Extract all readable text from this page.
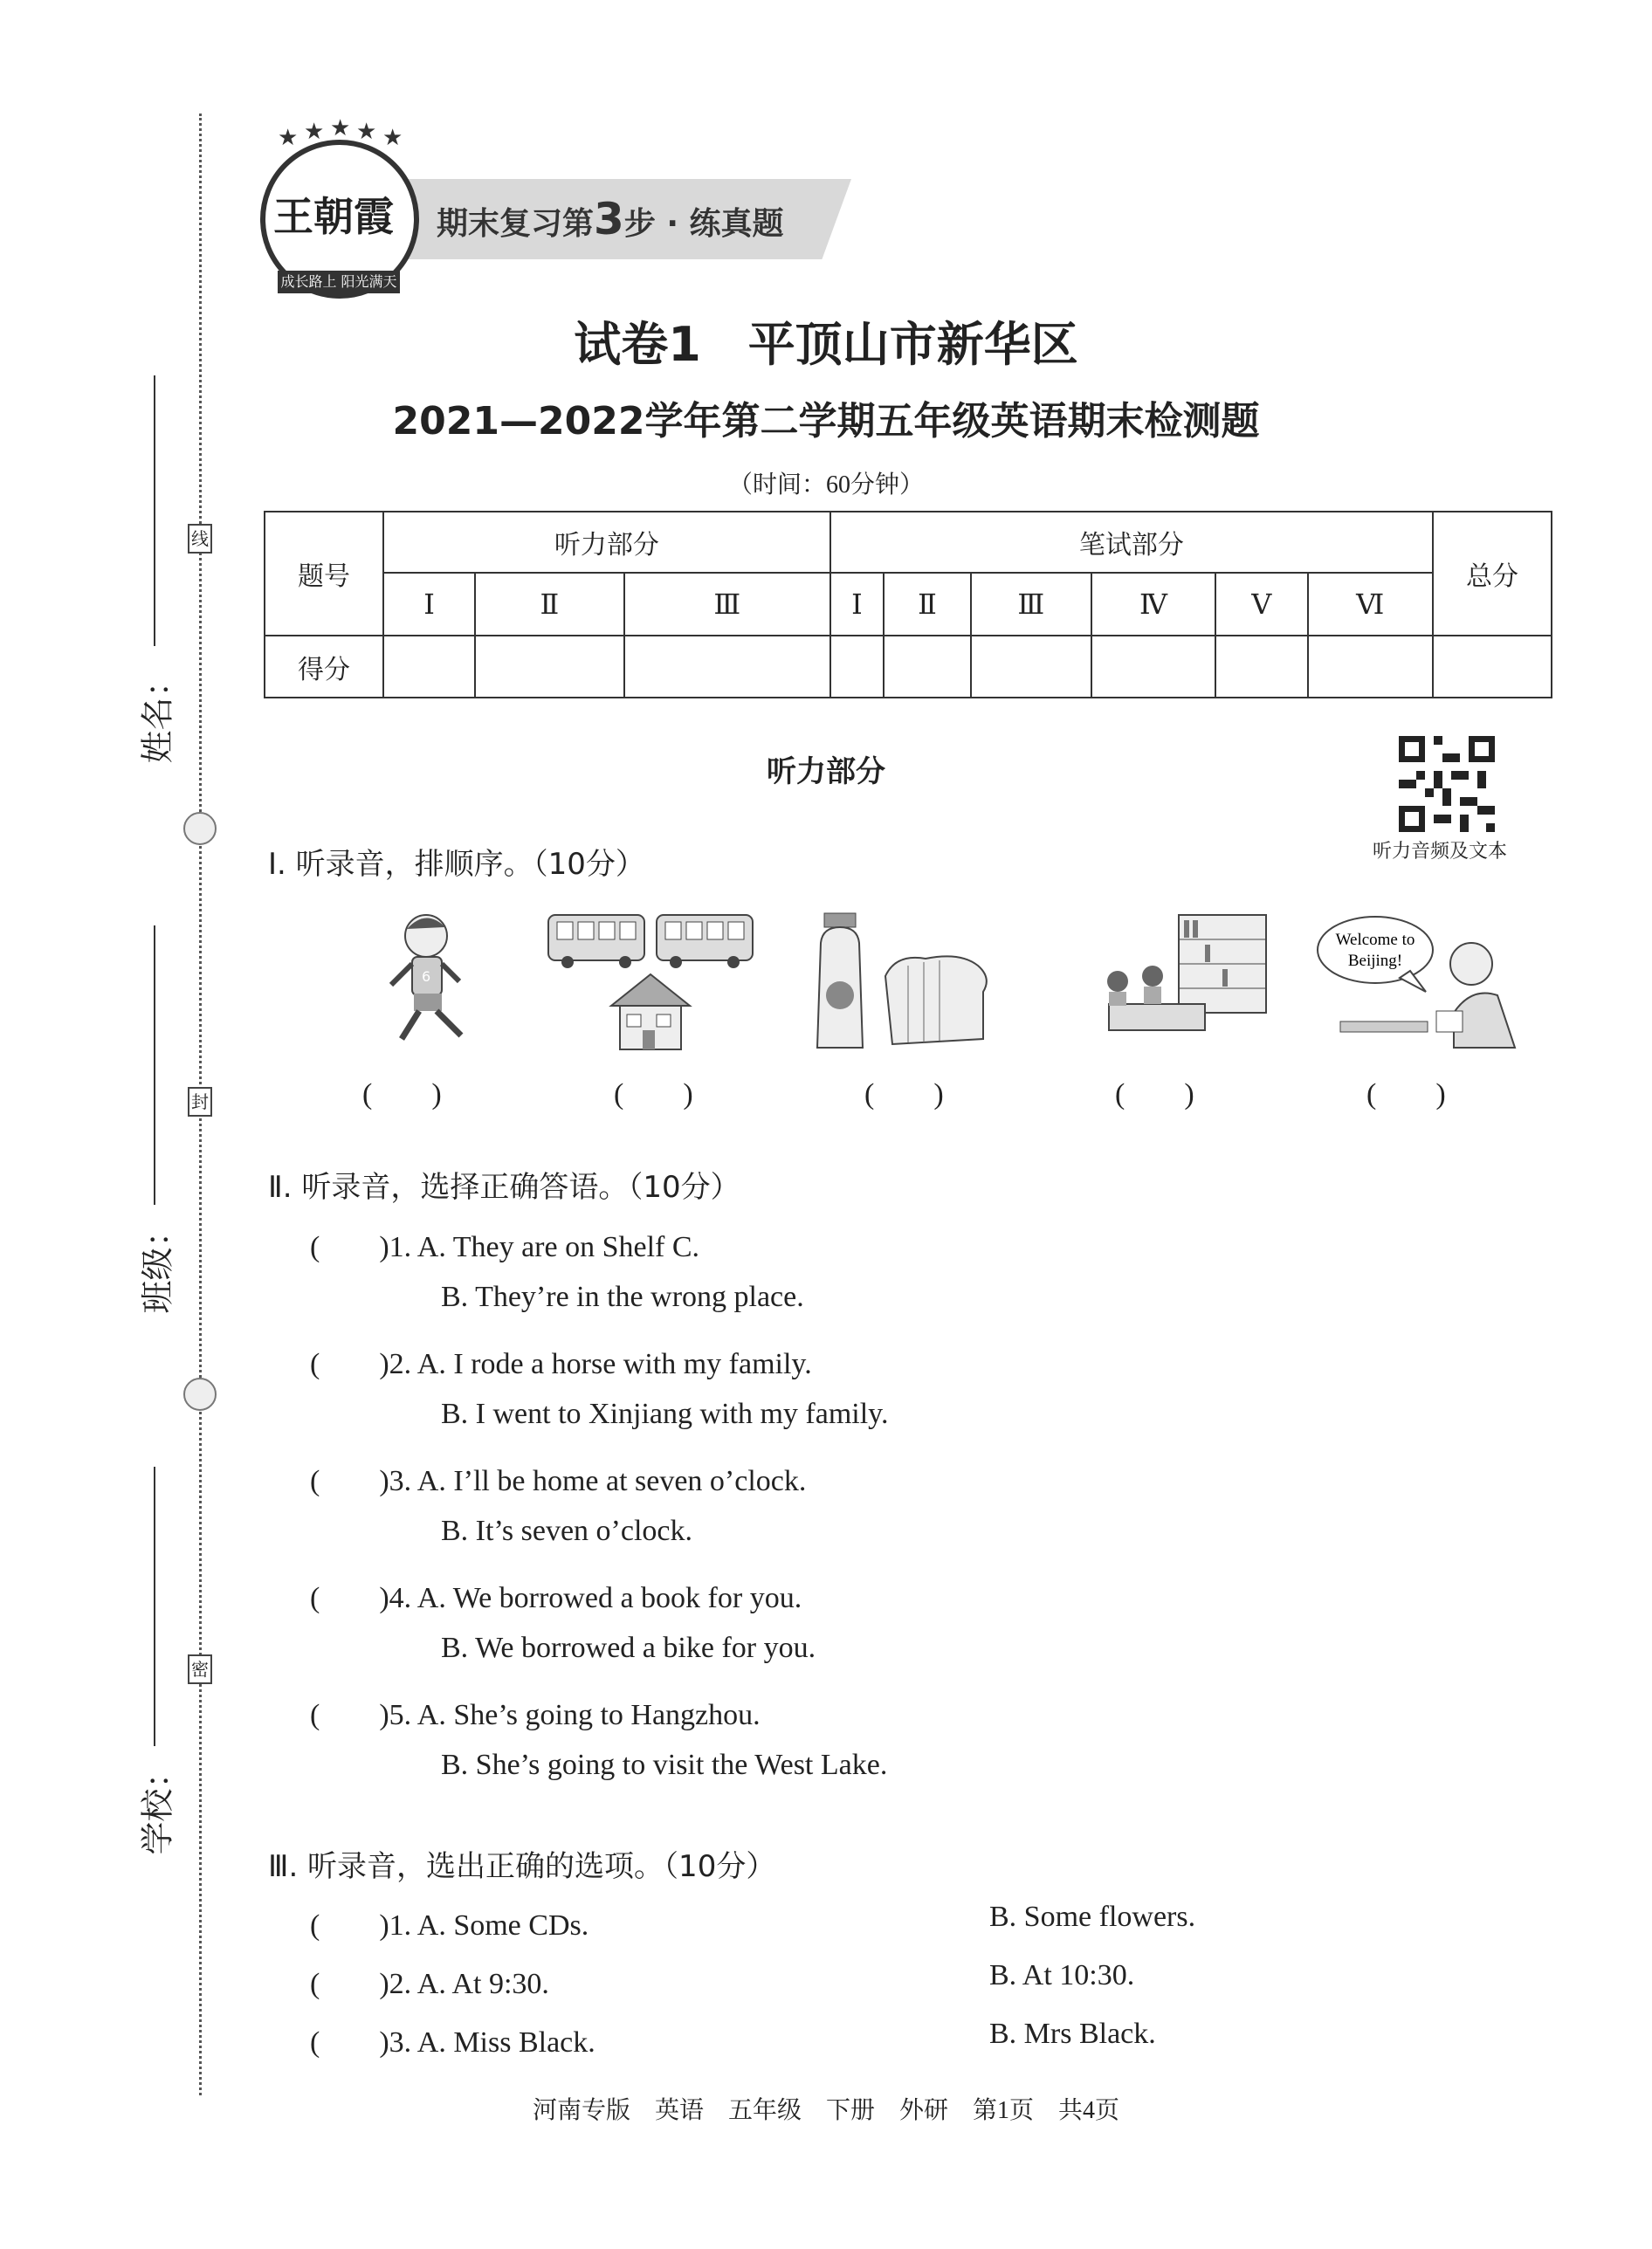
线
封
密
姓名：
班级：
学校：
期末复习第3步 · 练真题
★ ★ ★ ★ ★
王朝霞
成长路上 阳光满天
试卷1　平顶山市新华区
2021—2022学年第二学期五年级英语期末检测题
（时间：60分钟）
题号	听力部分			笔试部分						总分
	Ⅰ	Ⅱ	Ⅲ	Ⅰ	Ⅱ	Ⅲ	Ⅳ	Ⅴ	Ⅵ	
得分										
听力部分
听力音频及文本
Ⅰ. 听录音，排顺序。（10分）
6
Welcome to
Beijing!
(　　)	(　　)	(　　)	(　　)	(　　)
Ⅱ. 听录音，选择正确答语。（10分）
(　　)1. A. They are on Shelf C.
B. They’re in the wrong place.
(　　)2. A. I rode a horse with my family.
B. I went to Xinjiang with my family.
(　　)3. A. I’ll be home at seven o’clock.
B. It’s seven o’clock.
(　　)4. A. We borrowed a book for you.
B. We borrowed a bike for you.
(　　)5. A. She’s going to Hangzhou.
B. She’s going to visit the West Lake.
Ⅲ. 听录音，选出正确的选项。（10分）
(　　)1. A. Some CDs.	B. Some flowers.
(　　)2. A. At 9:30.	B. At 10:30.
(　　)3. A. Miss Black.	B. Mrs Black.
河南专版　英语　五年级　下册　外研　第1页　共4页
